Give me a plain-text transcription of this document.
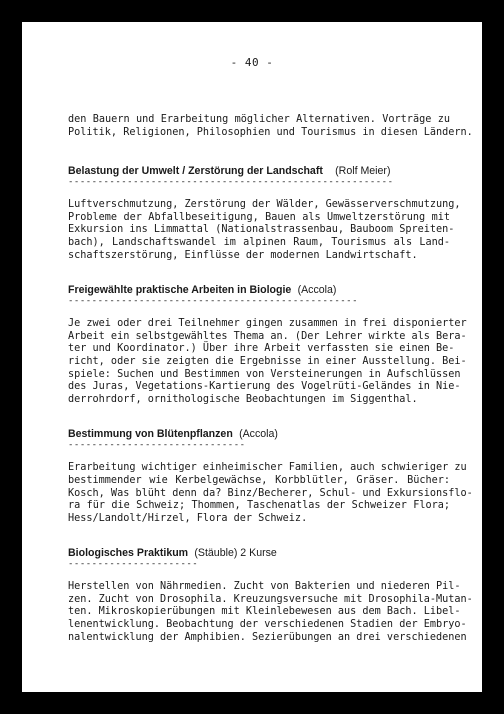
- 40 -

den Bauern und Erarbeitung möglicher Alternativen. Vorträge zu
Politik, Religionen, Philosophien und Tourismus in diesen Ländern.

Belastung der Umwelt / Zerstörung der Landschaft (Rolf Meier)

-------------------------------------------------------

Luftverschmutzung, Zerstörung der Wälder, Gewässerverschmutzung,
Probleme der Abfallbeseitigung, Bauen als Umweltzerstörung mit
Exkursion ins Limmattal (Nationalstrassenbau, Bauboom Spreiten-
bach), Landschaftswandel im alpinen Raum, Tourismus als Land-
schaftszerstörung, Einflüsse der modernen Landwirtschaft.

Freigewählte praktische Arbeiten in Biologie (Accola)

-------------------------------------------------

Je zwei oder drei Teilnehmer gingen zusammen in frei disponierter
Arbeit ein selbstgewähltes Thema an. (Der Lehrer wirkte als Bera-
ter und Koordinator.) Über ihre Arbeit verfassten sie einen Be-
richt, oder sie zeigten die Ergebnisse in einer Ausstellung. Bei-
spiele: Suchen und Bestimmen von Versteinerungen in Aufschlüssen
des Juras, Vegetations-Kartierung des Vogelrüti-Geländes in Nie-
derrohrdorf, ornithologische Beobachtungen im Siggenthal.

Bestimmung von Blütenpflanzen (Accola)

------------------------------

Erarbeitung wichtiger einheimischer Familien, auch schwieriger zu
bestimmender wie Kerbelgewächse, Korbblütler, Gräser. Bücher:
Kosch, Was blüht denn da? Binz/Becherer, Schul- und Exkursionsflo-
ra für die Schweiz; Thommen, Taschenatlas der Schweizer Flora;
Hess/Landolt/Hirzel, Flora der Schweiz.

Biologisches Praktikum (Stäuble) 2 Kurse

----------------------

Herstellen von Nährmedien. Zucht von Bakterien und niederen Pil-
zen. Zucht von Drosophila. Kreuzungsversuche mit Drosophila-Mutan-
ten. Mikroskopierübungen mit Kleinlebewesen aus dem Bach. Libel-
lenentwicklung. Beobachtung der verschiedenen Stadien der Embryo-
nalentwicklung der Amphibien. Sezierübungen an drei verschiedenen
